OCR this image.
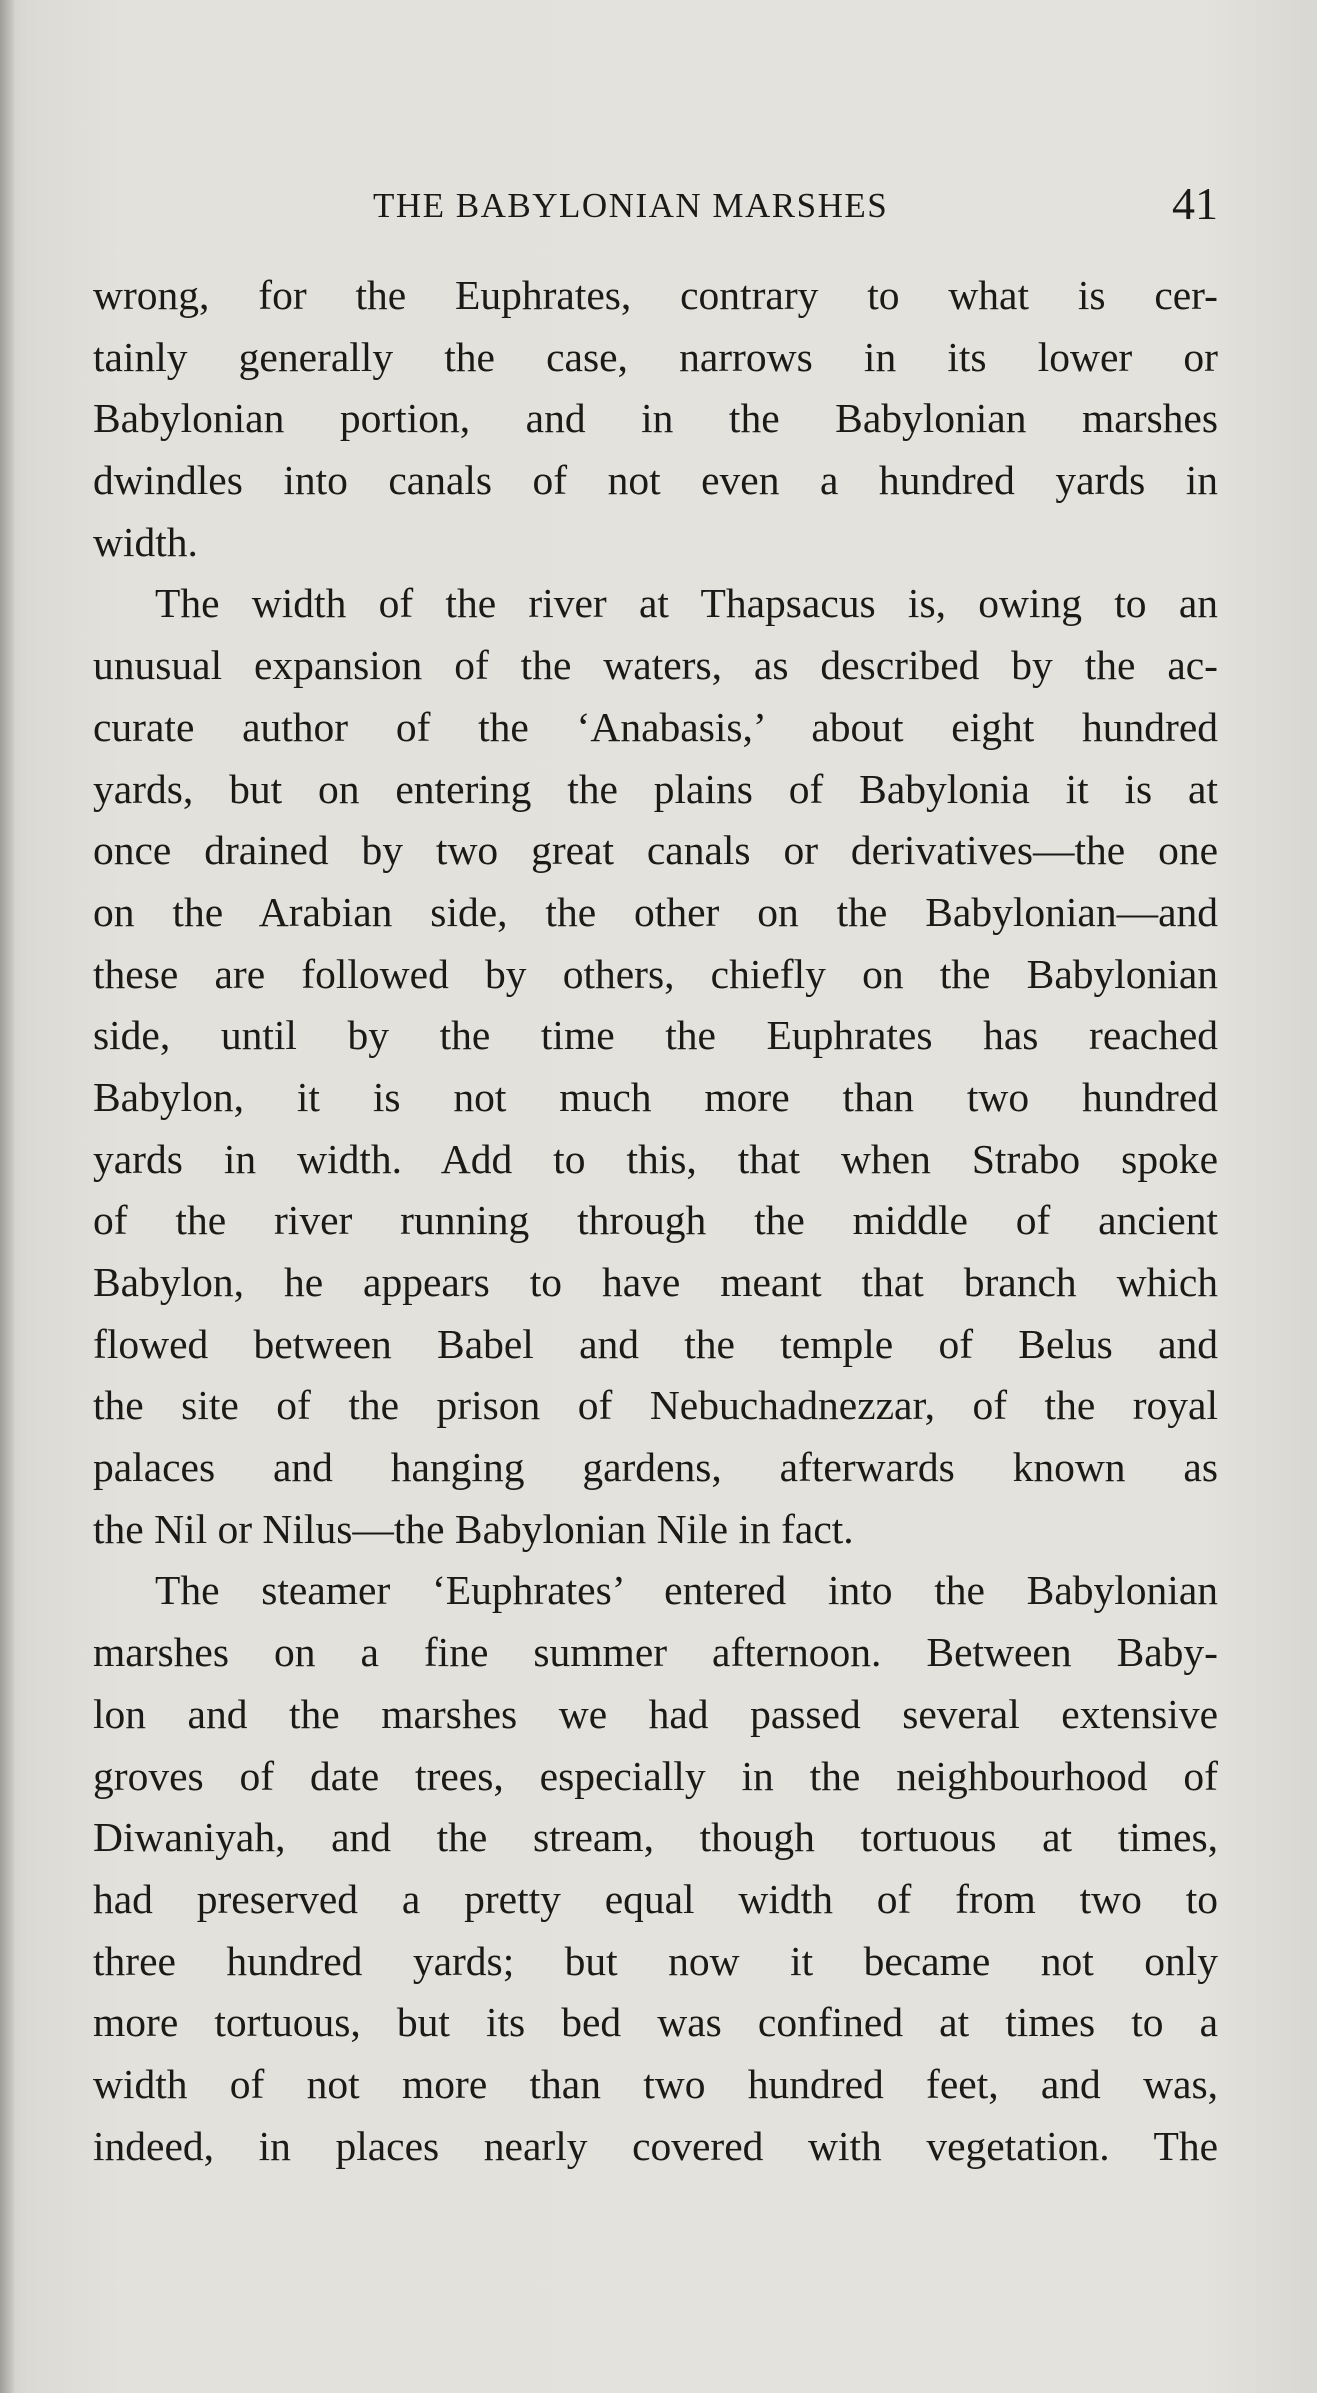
THE BABYLONIAN MARSHES	41
wrong, for the Euphrates, contrary to what is cer-
tainly generally the case, narrows in its lower or
Babylonian portion, and in the Babylonian marshes
dwindles into canals of not even a hundred yards in
width.
The width of the river at Thapsacus is, owing to an
unusual expansion of the waters, as described by the ac-
curate author of the ‘Anabasis,’ about eight hundred
yards, but on entering the plains of Babylonia it is at
once drained by two great canals or derivatives—the one
on the Arabian side, the other on the Babylonian—and
these are followed by others, chiefly on the Babylonian
side, until by the time the Euphrates has reached
Babylon, it is not much more than two hundred
yards in width. Add to this, that when Strabo spoke
of the river running through the middle of ancient
Babylon, he appears to have meant that branch which
flowed between Babel and the temple of Belus and
the site of the prison of Nebuchadnezzar, of the royal
palaces and hanging gardens, afterwards known as
the Nil or Nilus—the Babylonian Nile in fact.
The steamer ‘Euphrates’ entered into the Babylonian
marshes on a fine summer afternoon. Between Baby-
lon and the marshes we had passed several extensive
groves of date trees, especially in the neighbourhood of
Diwaniyah, and the stream, though tortuous at times,
had preserved a pretty equal width of from two to
three hundred yards; but now it became not only
more tortuous, but its bed was confined at times to a
width of not more than two hundred feet, and was,
indeed, in places nearly covered with vegetation. The
